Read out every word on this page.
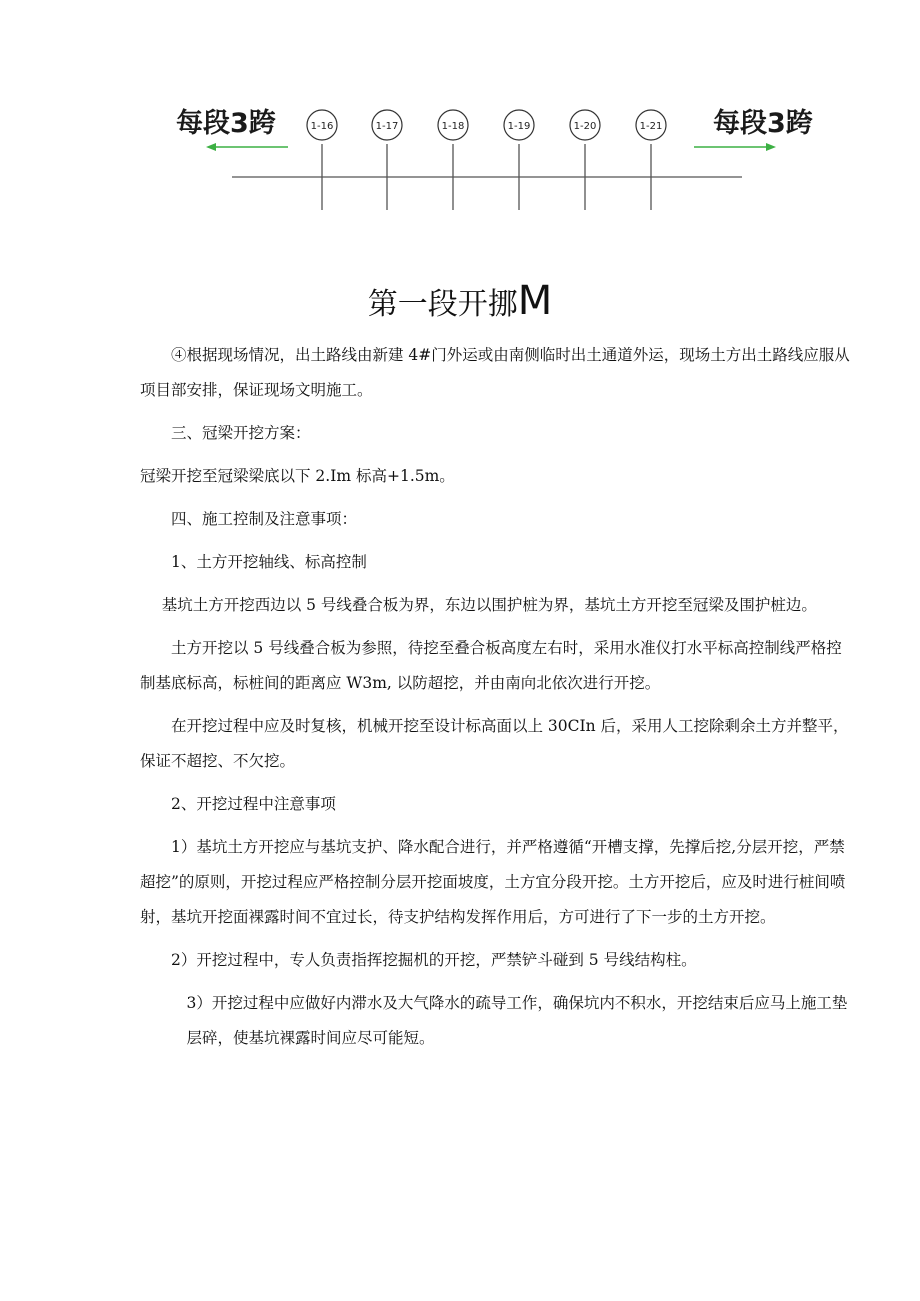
每段3跨	每段3跨
1-16	1-17	1-18	1-19	1-20	1-21
第一段开挪M

④根据现场情况，出土路线由新建 4#门外运或由南侧临时出土通道外运，现场土方出土路线应服从项目部安排，保证现场文明施工。

三、冠梁开挖方案：

冠梁开挖至冠梁梁底以下 2.Im 标高+1.5m。

四、施工控制及注意事项：

1、土方开挖轴线、标高控制

基坑土方开挖西边以 5 号线叠合板为界，东边以围护桩为界，基坑土方开挖至冠梁及围护桩边。

土方开挖以 5 号线叠合板为参照，待挖至叠合板高度左右时，采用水准仪打水平标高控制线严格控制基底标高，标桩间的距离应 W3m, 以防超挖，并由南向北依次进行开挖。

在开挖过程中应及时复核，机械开挖至设计标高面以上 30CIn 后，采用人工挖除剩余土方并整平，保证不超挖、不欠挖。

2、开挖过程中注意事项

1）基坑土方开挖应与基坑支护、降水配合进行，并严格遵循“开槽支撑，先撑后挖,分层开挖，严禁超挖”的原则，开挖过程应严格控制分层开挖面坡度，土方宜分段开挖。土方开挖后，应及时进行桩间喷射，基坑开挖面裸露时间不宜过长，待支护结构发挥作用后，方可进行了下一步的土方开挖。

2）开挖过程中，专人负责指挥挖掘机的开挖，严禁铲斗碰到 5 号线结构柱。

3）开挖过程中应做好内滞水及大气降水的疏导工作，确保坑内不积水，开挖结束后应马上施工垫层碎，使基坑裸露时间应尽可能短。
